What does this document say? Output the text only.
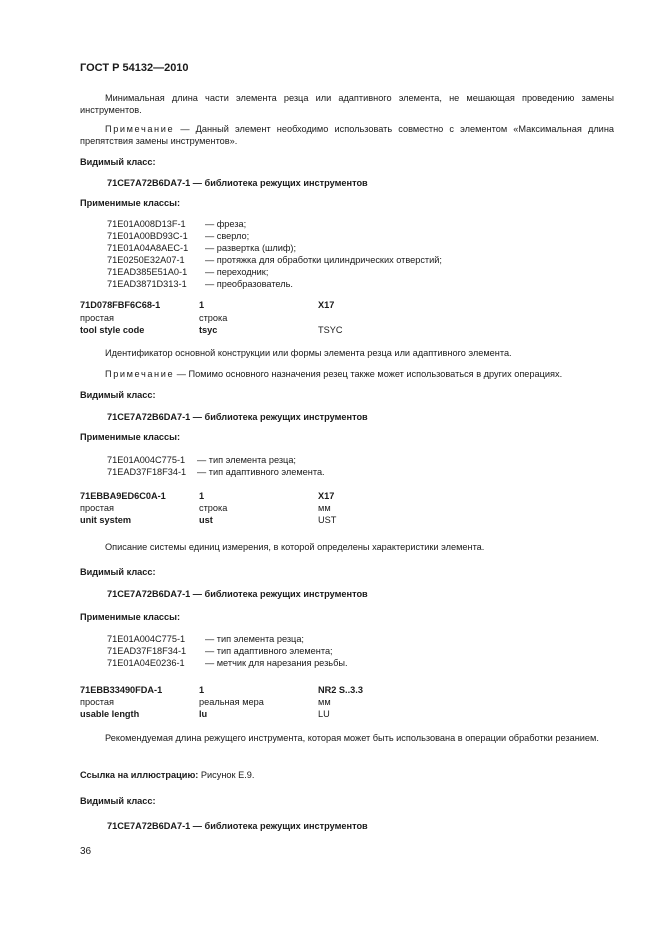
ГОСТ Р 54132—2010
Минимальная длина части элемента резца или адаптивного элемента, не мешающая проведению замены инструментов.
Примечание — Данный элемент необходимо использовать совместно с элементом «Максимальная длина препятствия замены инструментов».
Видимый класс:
71CE7A72B6DA7-1 — библиотека режущих инструментов
Применимые классы:
71E01A008D13F-1 — фреза;
71E01A00BD93C-1 — сверло;
71E01A04A8AEC-1 — развертка (шлиф);
71E0250E32A07-1 — протяжка для обработки цилиндрических отверстий;
71EAD385E51A0-1 — переходник;
71EAD3871D313-1 — преобразователь.
71D078FBF6C68-1	1	X17
простая	строка
tool style code	tsyc	TSYC
Идентификатор основной конструкции или формы элемента резца или адаптивного элемента.
Примечание — Помимо основного назначения резец также может использоваться в других операциях.
Видимый класс:
71CE7A72B6DA7-1 — библиотека режущих инструментов
Применимые классы:
71E01A004C775-1 — тип элемента резца;
71EAD37F18F34-1 — тип адаптивного элемента.
71EBBA9ED6C0A-1	1	X17
простая	строка	мм
unit system	ust	UST
Описание системы единиц измерения, в которой определены характеристики элемента.
Видимый класс:
71CE7A72B6DA7-1 — библиотека режущих инструментов
Применимые классы:
71E01A004C775-1 — тип элемента резца;
71EAD37F18F34-1 — тип адаптивного элемента;
71E01A04E0236-1 — метчик для нарезания резьбы.
71EBB33490FDA-1	1	NR2 S..3.3
простая	реальная мера	мм
usable length	lu	LU
Рекомендуемая длина режущего инструмента, которая может быть использована в операции обработки резанием.
Ссылка на иллюстрацию: Рисунок Е.9.
Видимый класс:
71CE7A72B6DA7-1 — библиотека режущих инструментов
36
